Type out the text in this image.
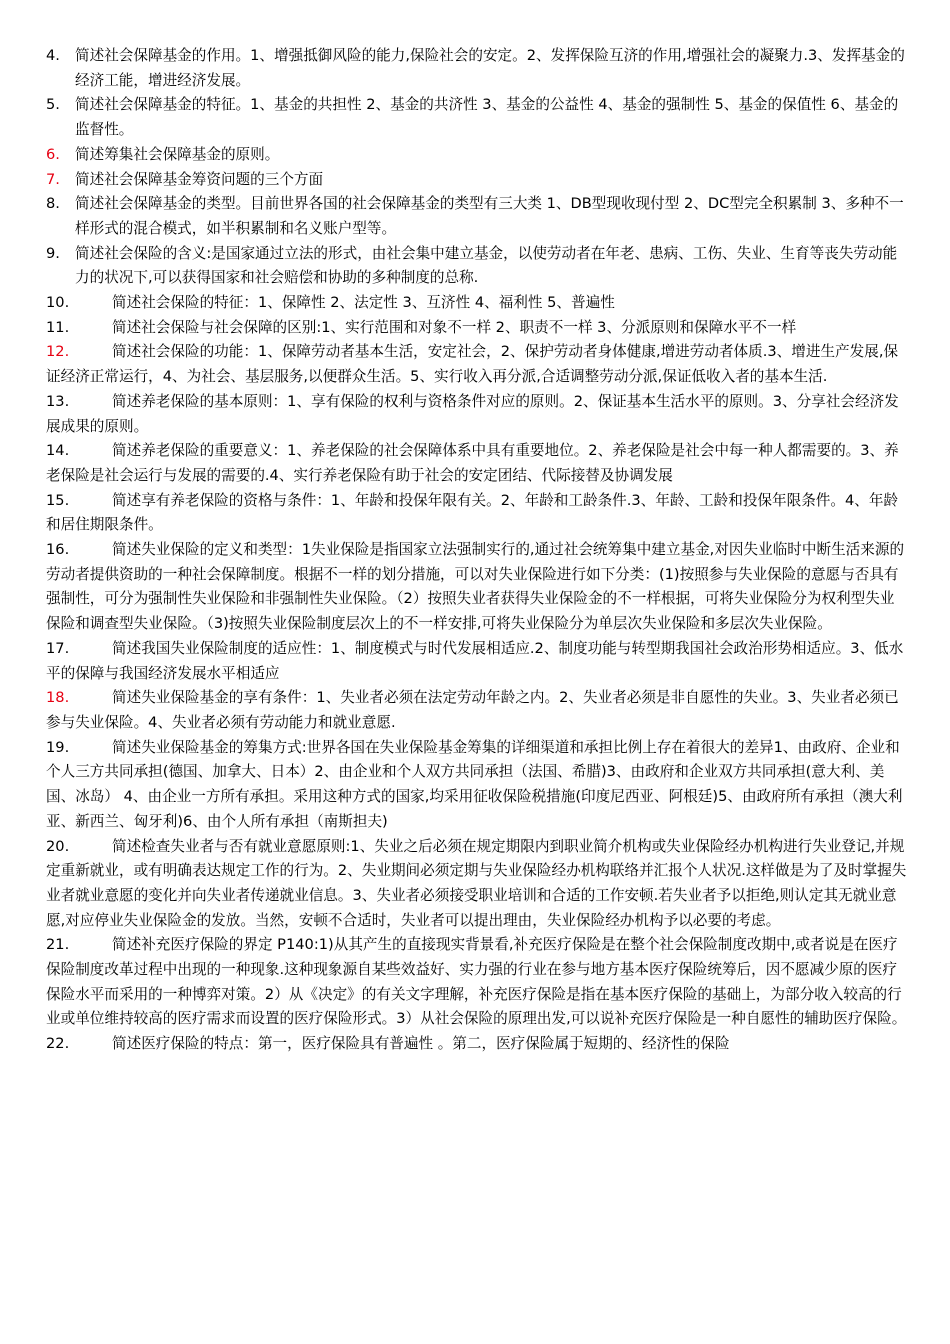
4. 简述社会保障基金的作用。1、增强抵御风险的能力,保险社会的安定。2、发挥保险互济的作用,增强社会的凝聚力.3、发挥基金的经济工能，增进经济发展。

5. 简述社会保障基金的特征。1、基金的共担性 2、基金的共济性 3、基金的公益性 4、基金的强制性 5、基金的保值性 6、基金的监督性。

6. 简述筹集社会保障基金的原则。

7. 简述社会保障基金筹资问题的三个方面

8. 简述社会保障基金的类型。目前世界各国的社会保障基金的类型有三大类 1、DB型现收现付型 2、DC型完全积累制 3、多种不一样形式的混合模式，如半积累制和名义账户型等。

9. 简述社会保险的含义:是国家通过立法的形式，由社会集中建立基金，以使劳动者在年老、患病、工伤、失业、生育等丧失劳动能力的状况下,可以获得国家和社会赔偿和协助的多种制度的总称.

10.	简述社会保险的特征：1、保障性 2、法定性 3、互济性 4、福利性 5、普遍性

11.	简述社会保险与社会保障的区别:1、实行范围和对象不一样 2、职责不一样 3、分派原则和保障水平不一样

12.	简述社会保险的功能：1、保障劳动者基本生活，安定社会，2、保护劳动者身体健康,增进劳动者体质.3、增进生产发展,保证经济正常运行，4、为社会、基层服务,以便群众生活。5、实行收入再分派,合适调整劳动分派,保证低收入者的基本生活.

13.	简述养老保险的基本原则：1、享有保险的权利与资格条件对应的原则。2、保证基本生活水平的原则。3、分享社会经济发展成果的原则。

14.	简述养老保险的重要意义：1、养老保险的社会保障体系中具有重要地位。2、养老保险是社会中每一种人都需要的。3、养老保险是社会运行与发展的需要的.4、实行养老保险有助于社会的安定团结、代际接替及协调发展

15.	简述享有养老保险的资格与条件：1、年龄和投保年限有关。2、年龄和工龄条件.3、年龄、工龄和投保年限条件。4、年龄和居住期限条件。

16.	简述失业保险的定义和类型：1失业保险是指国家立法强制实行的,通过社会统筹集中建立基金,对因失业临时中断生活来源的劳动者提供资助的一种社会保障制度。根据不一样的划分措施，可以对失业保险进行如下分类：(1)按照参与失业保险的意愿与否具有强制性，可分为强制性失业保险和非强制性失业保险。（2）按照失业者获得失业保险金的不一样根据，可将失业保险分为权利型失业保险和调查型失业保险。（3)按照失业保险制度层次上的不一样安排,可将失业保险分为单层次失业保险和多层次失业保险。

17.	简述我国失业保险制度的适应性：1、制度模式与时代发展相适应.2、制度功能与转型期我国社会政治形势相适应。3、低水平的保障与我国经济发展水平相适应

18.	简述失业保险基金的享有条件：1、失业者必须在法定劳动年龄之内。2、失业者必须是非自愿性的失业。3、失业者必须已参与失业保险。4、失业者必须有劳动能力和就业意愿.

19.	简述失业保险基金的筹集方式:世界各国在失业保险基金筹集的详细渠道和承担比例上存在着很大的差异1、由政府、企业和个人三方共同承担(德国、加拿大、日本）2、由企业和个人双方共同承担（法国、希腊)3、由政府和企业双方共同承担(意大利、美国、冰岛） 4、由企业一方所有承担。采用这种方式的国家,均采用征收保险税措施(印度尼西亚、阿根廷)5、由政府所有承担（澳大利亚、新西兰、匈牙利)6、由个人所有承担（南斯担夫)

20.	简述检查失业者与否有就业意愿原则:1、失业之后必须在规定期限内到职业简介机构或失业保险经办机构进行失业登记,并规定重新就业，或有明确表达规定工作的行为。2、失业期间必须定期与失业保险经办机构联络并汇报个人状况.这样做是为了及时掌握失业者就业意愿的变化并向失业者传递就业信息。3、失业者必须接受职业培训和合适的工作安顿.若失业者予以拒绝,则认定其无就业意愿,对应停业失业保险金的发放。当然，安顿不合适时，失业者可以提出理由，失业保险经办机构予以必要的考虑。

21.	简述补充医疗保险的界定 P140:1)从其产生的直接现实背景看,补充医疗保险是在整个社会保险制度改期中,或者说是在医疗保险制度改革过程中出现的一种现象.这种现象源自某些效益好、实力强的行业在参与地方基本医疗保险统筹后，因不愿减少原的医疗保险水平而采用的一种博弈对策。2）从《决定》的有关文字理解，补充医疗保险是指在基本医疗保险的基础上，为部分收入较高的行业或单位维持较高的医疗需求而设置的医疗保险形式。3）从社会保险的原理出发,可以说补充医疗保险是一种自愿性的辅助医疗保险。

22.	简述医疗保险的特点：第一，医疗保险具有普遍性 。第二，医疗保险属于短期的、经济性的保险
